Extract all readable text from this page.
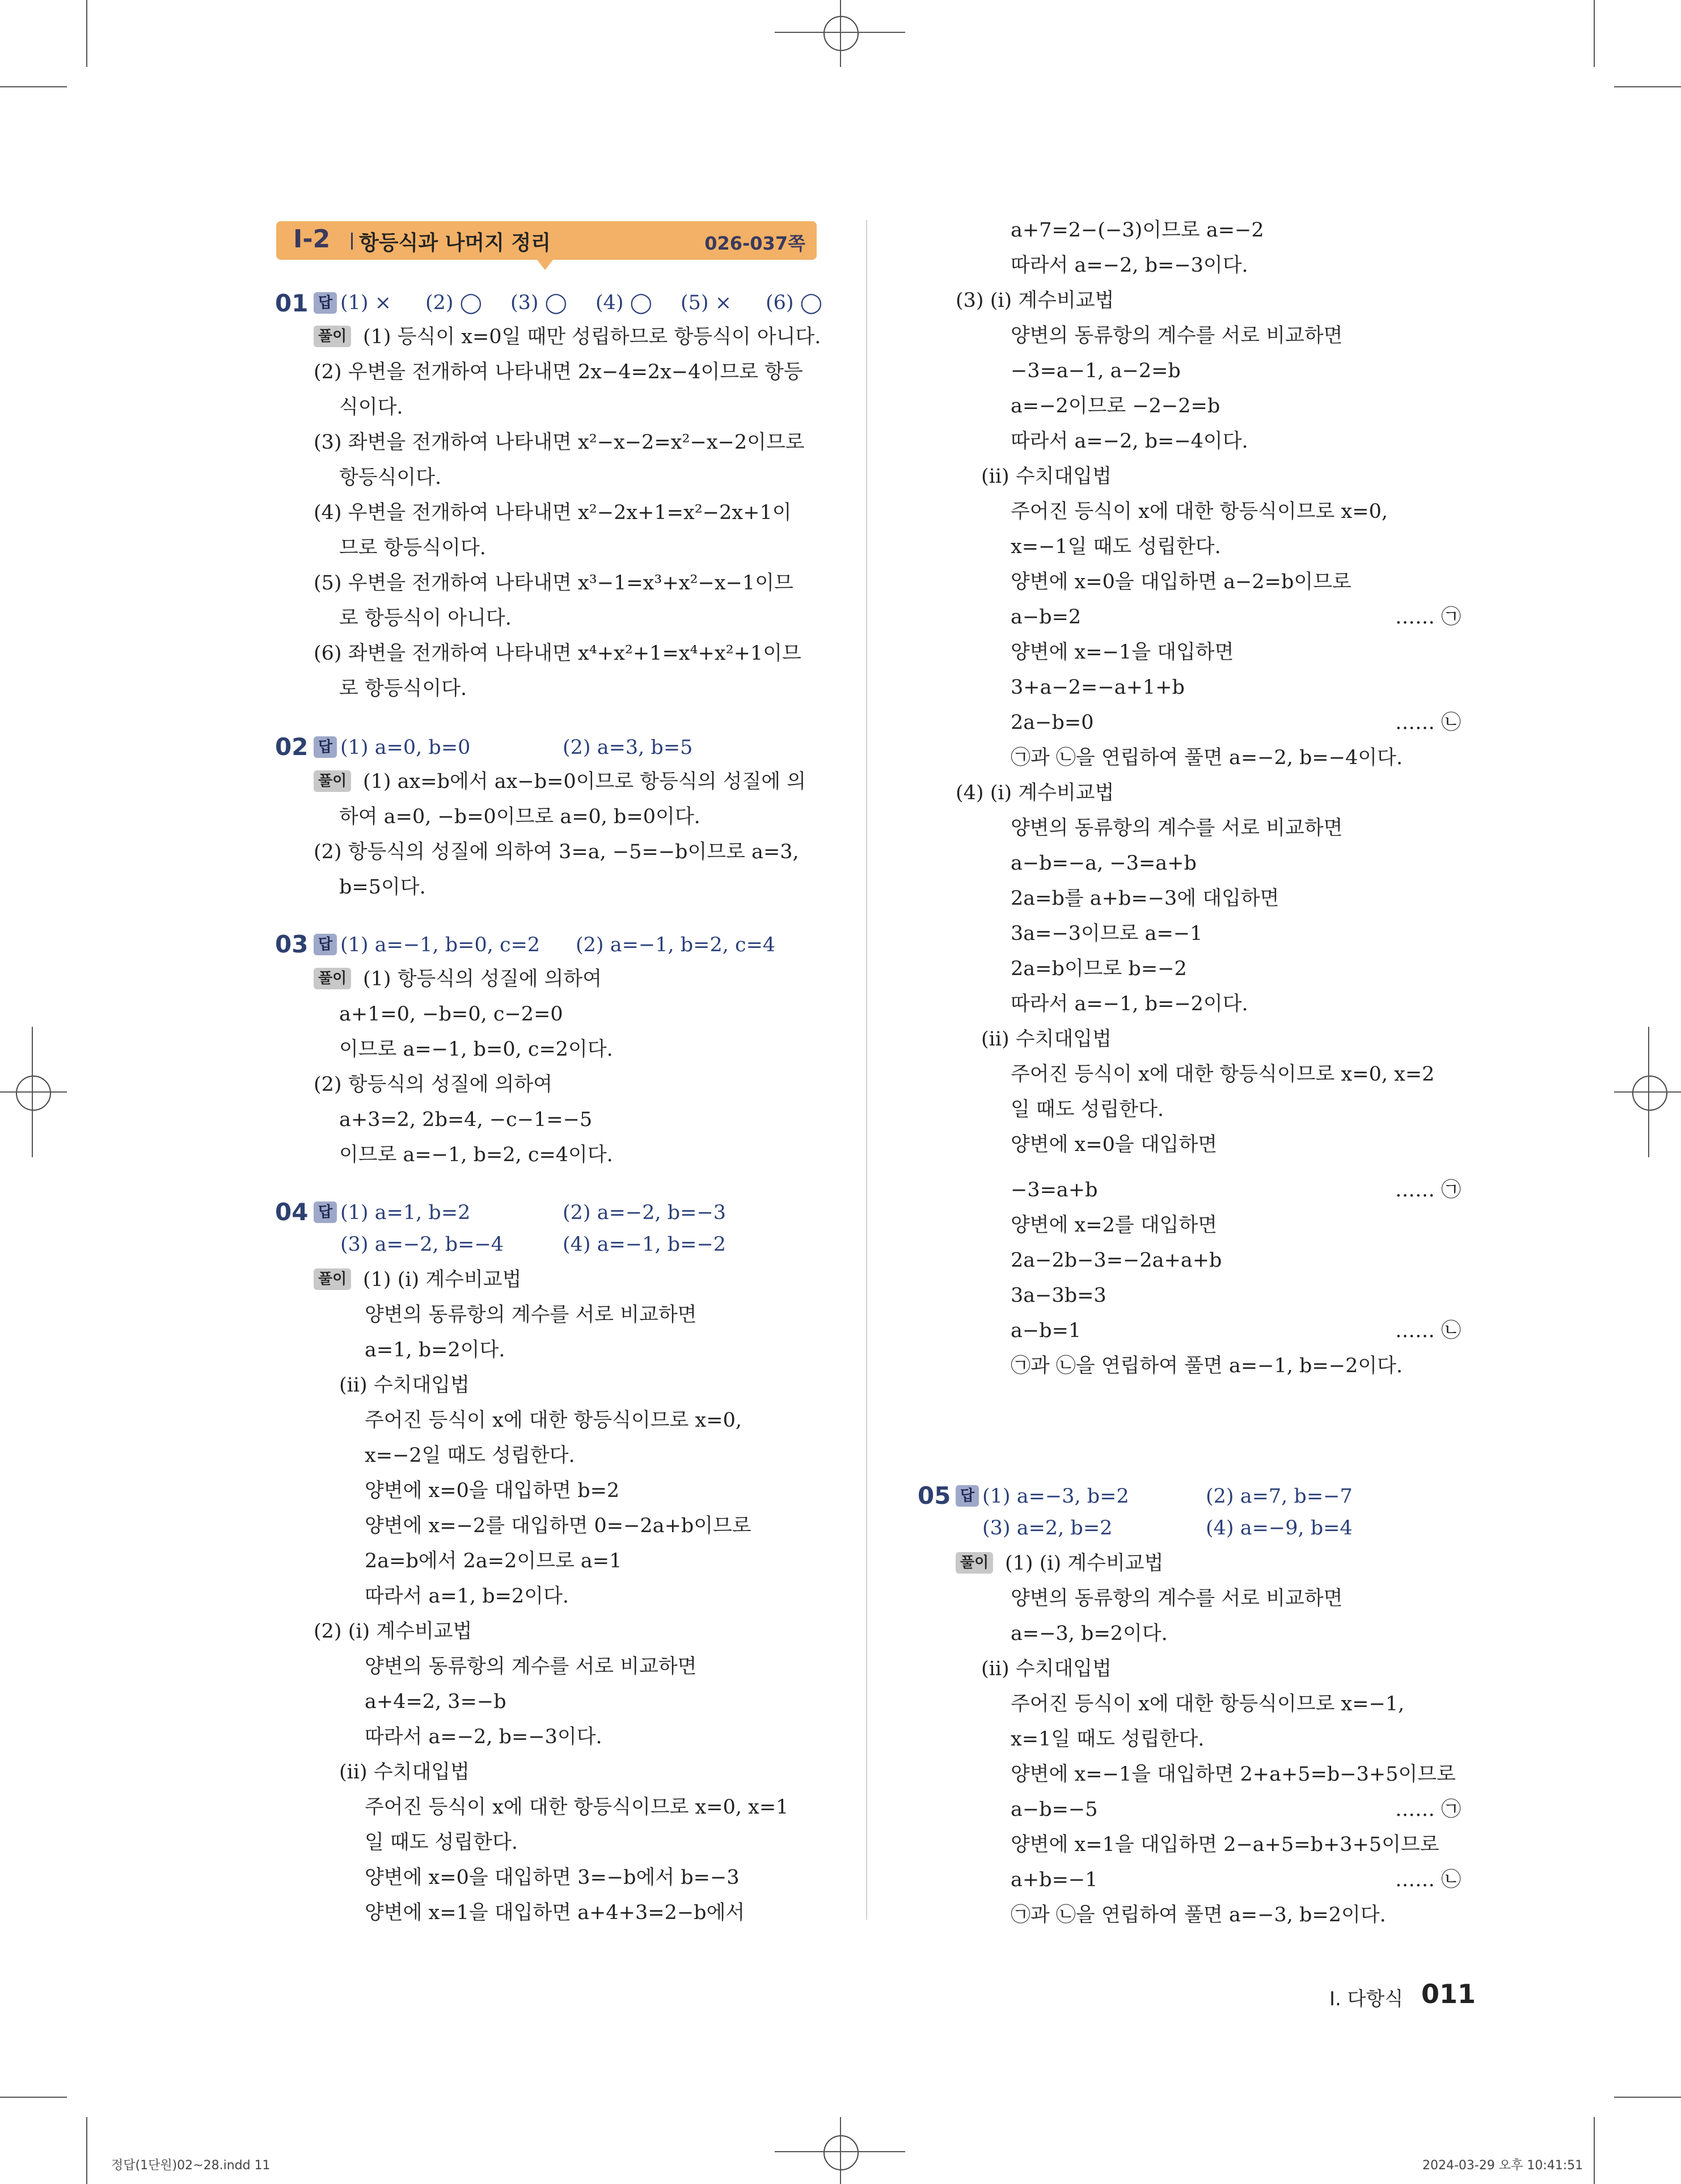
Ⅰ-2 항등식과 나머지 정리	026-037쪽
01 답 (1) × (2) ◯ (3) ◯ (4) ◯ (5) × (6) ◯
풀이 (1) 등식이 x=0일 때만 성립하므로 항등식이 아니다.
(2) 우변을 전개하여 나타내면 2x−4=2x−4이므로 항등
식이다.
(3) 좌변을 전개하여 나타내면 x²−x−2=x²−x−2이므로
항등식이다.
(4) 우변을 전개하여 나타내면 x²−2x+1=x²−2x+1이
므로 항등식이다.
(5) 우변을 전개하여 나타내면 x³−1=x³+x²−x−1이므
로 항등식이 아니다.
(6) 좌변을 전개하여 나타내면 x⁴+x²+1=x⁴+x²+1이므
로 항등식이다.
02 답 (1) a=0, b=0	(2) a=3, b=5
풀이 (1) ax=b에서 ax−b=0이므로 항등식의 성질에 의
하여 a=0, −b=0이므로 a=0, b=0이다.
(2) 항등식의 성질에 의하여 3=a, −5=−b이므로 a=3,
b=5이다.
03 답 (1) a=−1, b=0, c=2 (2) a=−1, b=2, c=4
풀이 (1) 항등식의 성질에 의하여
a+1=0, −b=0, c−2=0
이므로 a=−1, b=0, c=2이다.
(2) 항등식의 성질에 의하여
a+3=2, 2b=4, −c−1=−5
이므로 a=−1, b=2, c=4이다.
04 답 (1) a=1, b=2	(2) a=−2, b=−3
(3) a=−2, b=−4	(4) a=−1, b=−2
풀이 (1) (ⅰ) 계수비교법
양변의 동류항의 계수를 서로 비교하면
a=1, b=2이다.
(ⅱ) 수치대입법
주어진 등식이 x에 대한 항등식이므로 x=0,
x=−2일 때도 성립한다.
양변에 x=0을 대입하면 b=2
양변에 x=−2를 대입하면 0=−2a+b이므로
2a=b에서 2a=2이므로 a=1
따라서 a=1, b=2이다.
(2) (ⅰ) 계수비교법
양변의 동류항의 계수를 서로 비교하면
a+4=2, 3=−b
따라서 a=−2, b=−3이다.
(ⅱ) 수치대입법
주어진 등식이 x에 대한 항등식이므로 x=0, x=1
일 때도 성립한다.
양변에 x=0을 대입하면 3=−b에서 b=−3
양변에 x=1을 대입하면 a+4+3=2−b에서
a+7=2−(−3)이므로 a=−2
따라서 a=−2, b=−3이다.
(3) (ⅰ) 계수비교법
양변의 동류항의 계수를 서로 비교하면
−3=a−1, a−2=b
a=−2이므로 −2−2=b
따라서 a=−2, b=−4이다.
(ⅱ) 수치대입법
주어진 등식이 x에 대한 항등식이므로 x=0,
x=−1일 때도 성립한다.
양변에 x=0을 대입하면 a−2=b이므로
a−b=2	…… ㉠
양변에 x=−1을 대입하면
3+a−2=−a+1+b
2a−b=0	…… ㉡
㉠과 ㉡을 연립하여 풀면 a=−2, b=−4이다.
(4) (ⅰ) 계수비교법
양변의 동류항의 계수를 서로 비교하면
a−b=−a, −3=a+b
2a=b를 a+b=−3에 대입하면
3a=−3이므로 a=−1
2a=b이므로 b=−2
따라서 a=−1, b=−2이다.
(ⅱ) 수치대입법
주어진 등식이 x에 대한 항등식이므로 x=0, x=2
일 때도 성립한다.
양변에 x=0을 대입하면
−3=a+b	…… ㉠
양변에 x=2를 대입하면
2a−2b−3=−2a+a+b
3a−3b=3
a−b=1	…… ㉡
㉠과 ㉡을 연립하여 풀면 a=−1, b=−2이다.
05 답 (1) a=−3, b=2	(2) a=7, b=−7
(3) a=2, b=2	(4) a=−9, b=4
풀이 (1) (ⅰ) 계수비교법
양변의 동류항의 계수를 서로 비교하면
a=−3, b=2이다.
(ⅱ) 수치대입법
주어진 등식이 x에 대한 항등식이므로 x=−1,
x=1일 때도 성립한다.
양변에 x=−1을 대입하면 2+a+5=b−3+5이므로
a−b=−5	…… ㉠
양변에 x=1을 대입하면 2−a+5=b+3+5이므로
a+b=−1	…… ㉡
㉠과 ㉡을 연립하여 풀면 a=−3, b=2이다.
Ⅰ. 다항식 011
정답(1단원)02~28.indd 11	2024-03-29 오후 10:41:51
